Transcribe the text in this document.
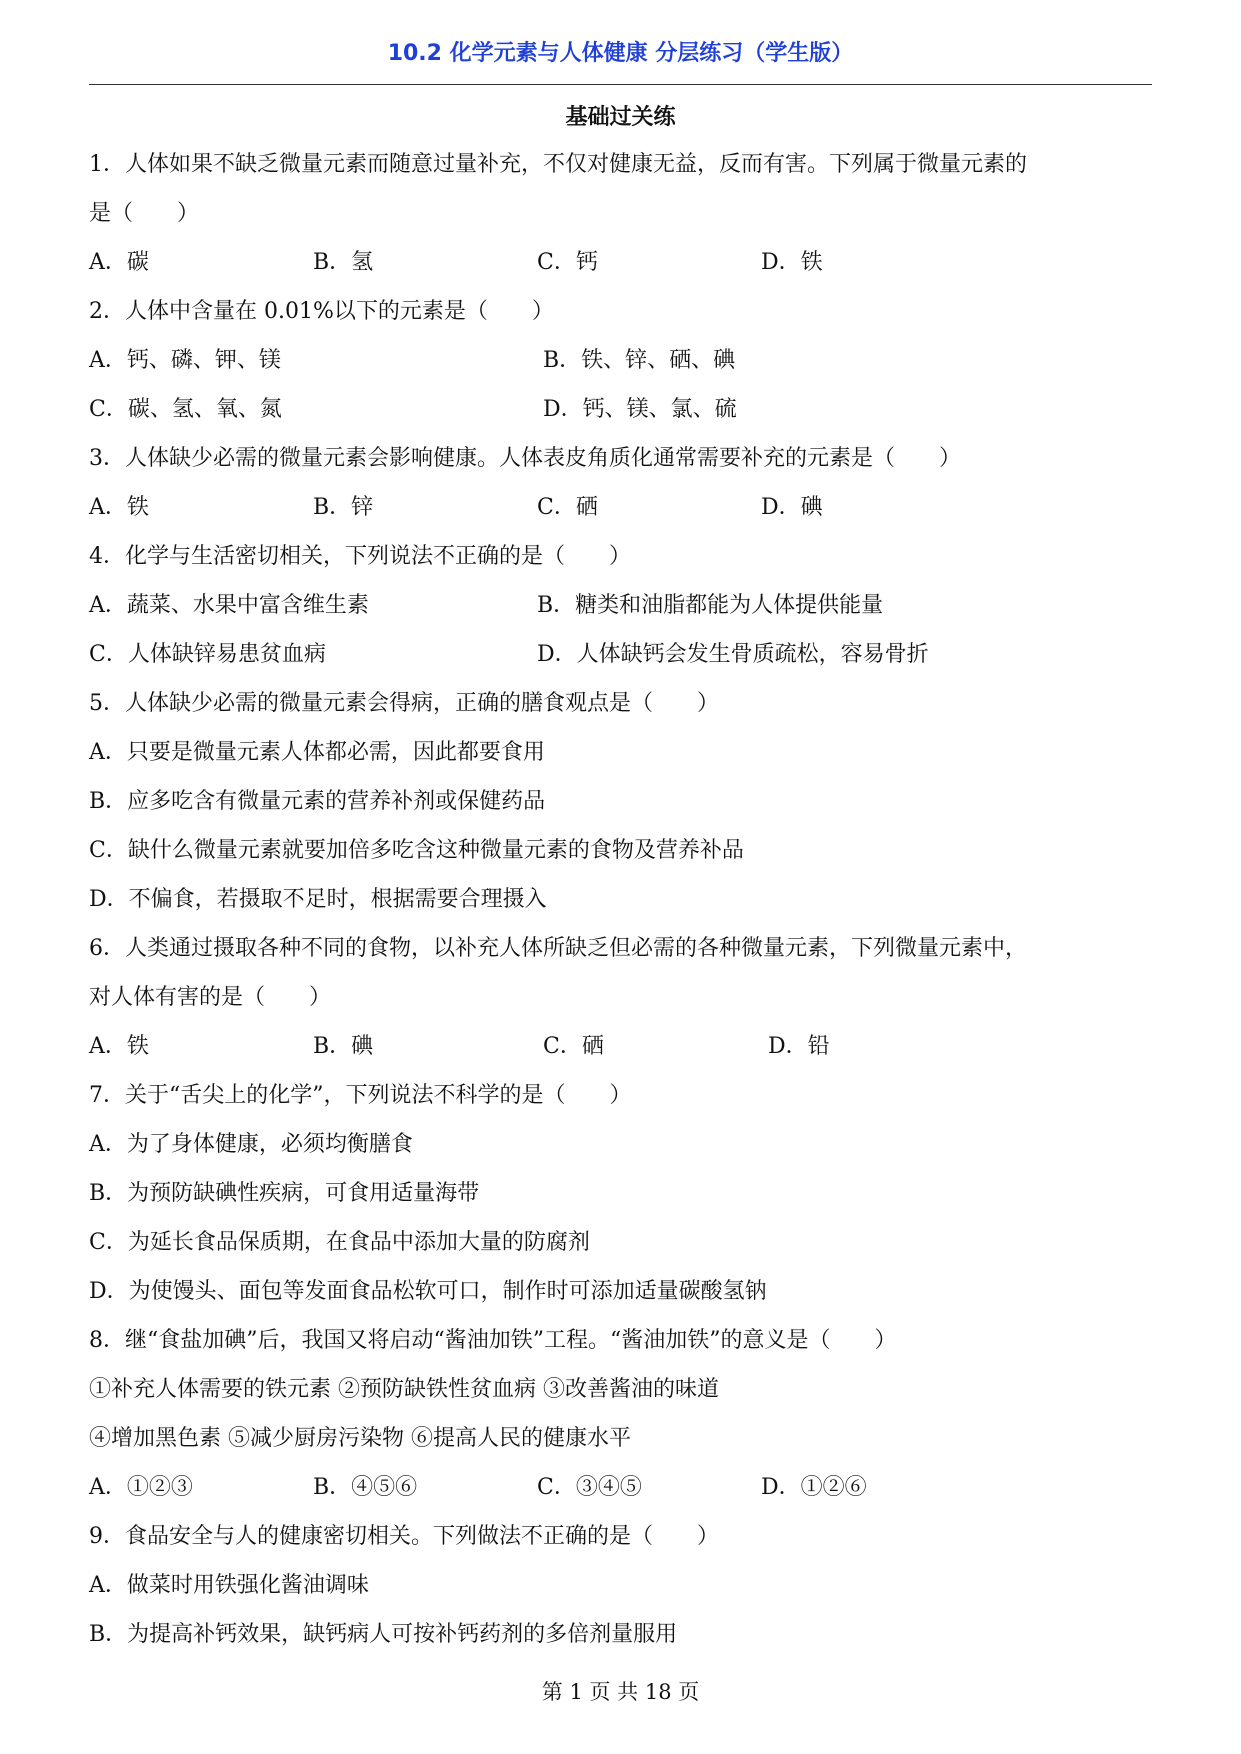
10.2 化学元素与人体健康 分层练习（学生版）
基础过关练
1．人体如果不缺乏微量元素而随意过量补充，不仅对健康无益，反而有害。下列属于微量元素的
是（　　）
A．碳	B．氢	C．钙	D．铁
2．人体中含量在 0.01%以下的元素是（　　）
A．钙、磷、钾、镁	B．铁、锌、硒、碘
C．碳、氢、氧、氮	D．钙、镁、氯、硫
3．人体缺少必需的微量元素会影响健康。人体表皮角质化通常需要补充的元素是（　　）
A．铁	B．锌	C．硒	D．碘
4．化学与生活密切相关，下列说法不正确的是（　　）
A．蔬菜、水果中富含维生素	B．糖类和油脂都能为人体提供能量
C．人体缺锌易患贫血病	D．人体缺钙会发生骨质疏松，容易骨折
5．人体缺少必需的微量元素会得病，正确的膳食观点是（　　）
A．只要是微量元素人体都必需，因此都要食用
B．应多吃含有微量元素的营养补剂或保健药品
C．缺什么微量元素就要加倍多吃含这种微量元素的食物及营养补品
D．不偏食，若摄取不足时，根据需要合理摄入
6．人类通过摄取各种不同的食物，以补充人体所缺乏但必需的各种微量元素，下列微量元素中，
对人体有害的是（　　）
A．铁	B．碘	C．硒	D．铅
7．关于“舌尖上的化学”，下列说法不科学的是（　　）
A．为了身体健康，必须均衡膳食
B．为预防缺碘性疾病，可食用适量海带
C．为延长食品保质期，在食品中添加大量的防腐剂
D．为使馒头、面包等发面食品松软可口，制作时可添加适量碳酸氢钠
8．继“食盐加碘”后，我国又将启动“酱油加铁”工程。“酱油加铁”的意义是（　　）
①补充人体需要的铁元素 ②预防缺铁性贫血病 ③改善酱油的味道
④增加黑色素 ⑤减少厨房污染物 ⑥提高人民的健康水平
A．①②③	B．④⑤⑥	C．③④⑤	D．①②⑥
9．食品安全与人的健康密切相关。下列做法不正确的是（　　）
A．做菜时用铁强化酱油调味
B．为提高补钙效果，缺钙病人可按补钙药剂的多倍剂量服用
第 1 页 共 18 页
